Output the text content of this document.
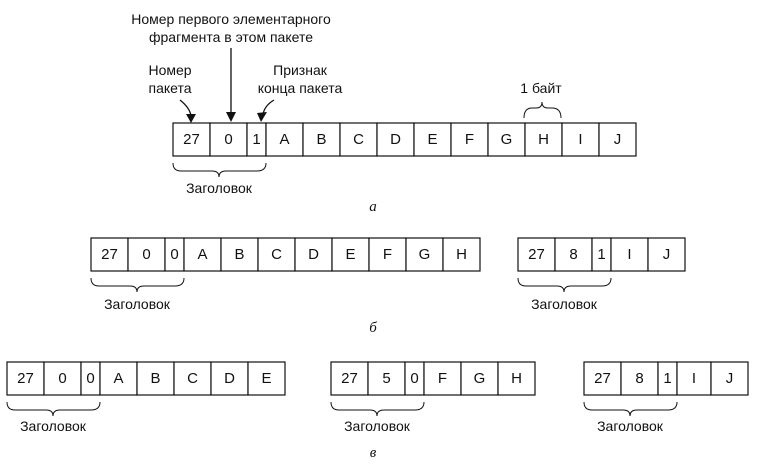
Номер первого элементарного
фрагмента в этом пакете
Номер
пакета
Признак
конца пакета	1 байт
27 0 1 A B C D E F G H I J
Заголовок
а
27 0 0 A B C D E F G H
Заголовок
27 8 1 I J
Заголовок
б
27 0 0 A B C D E
Заголовок
27 5 0 F G H
Заголовок
27 8 1 I J
Заголовок
в
